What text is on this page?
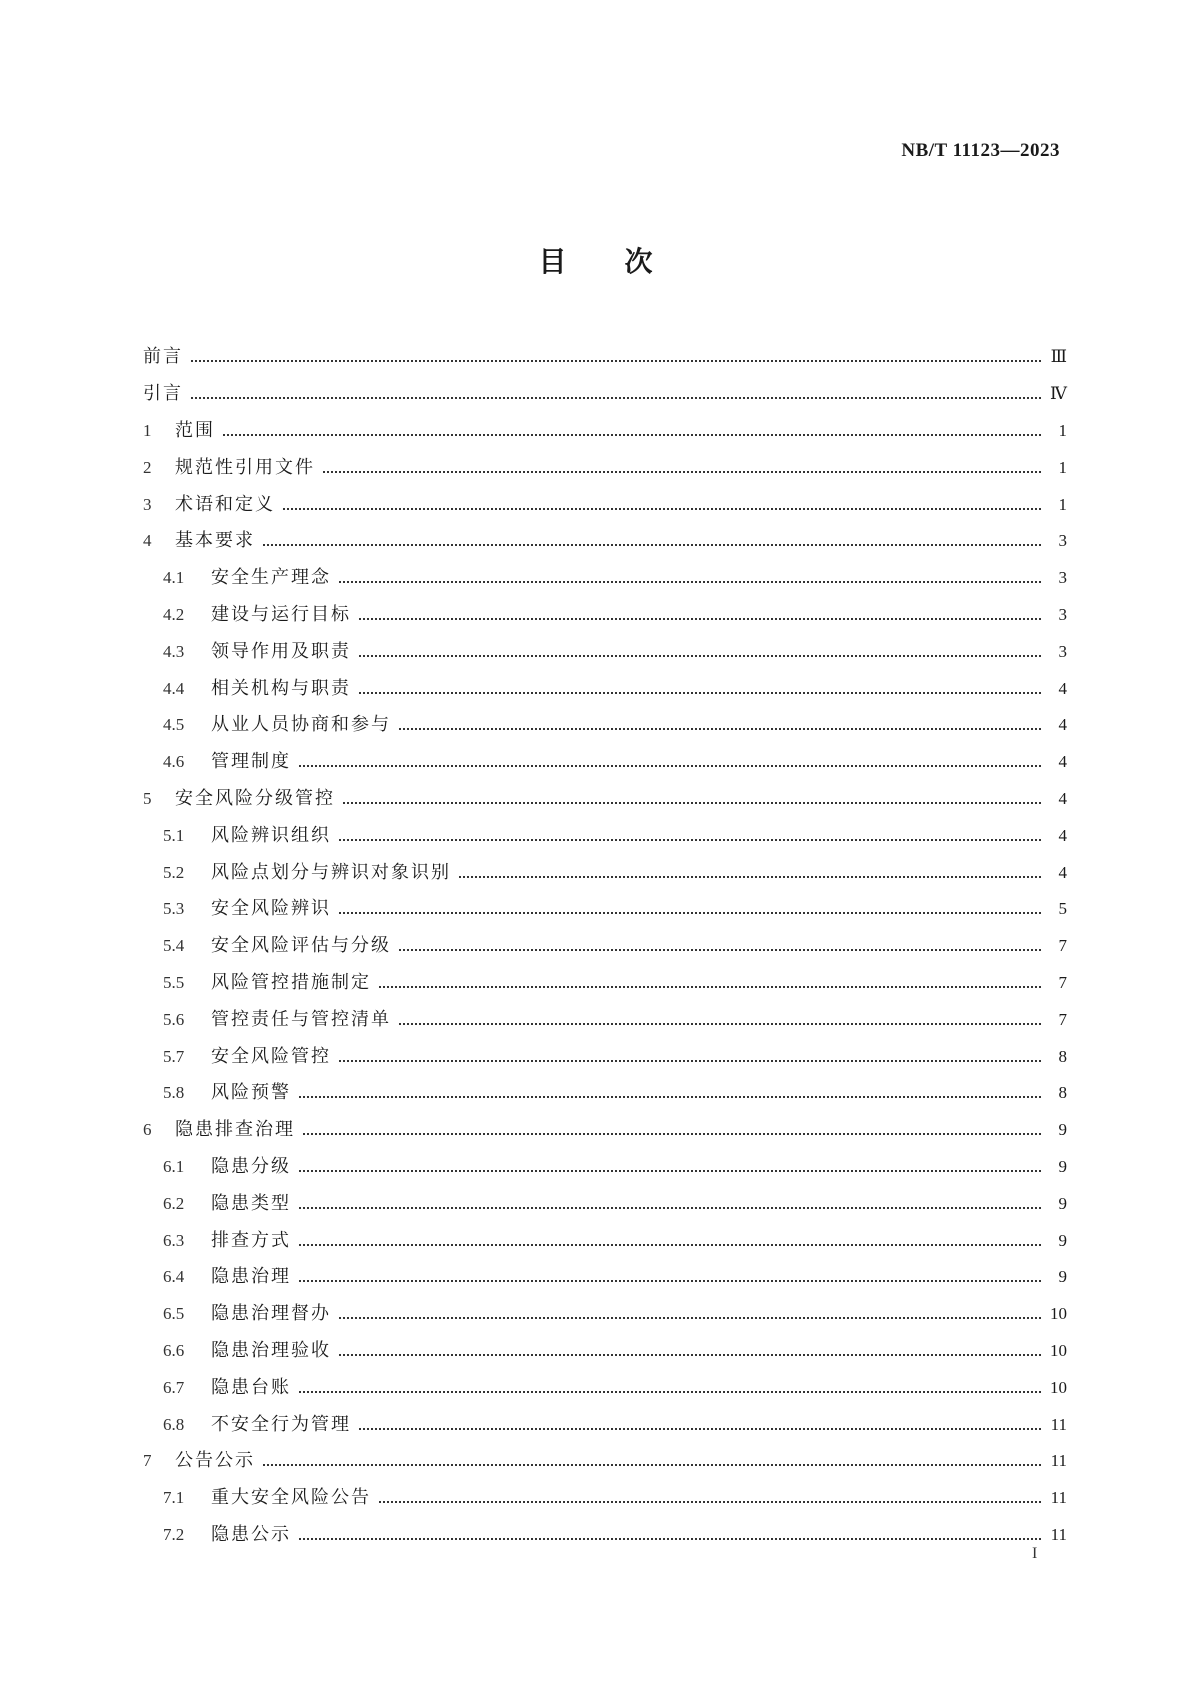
NB/T 11123—2023
目 次
前言	Ⅲ
引言	Ⅳ
1	范围	1
2	规范性引用文件	1
3	术语和定义	1
4	基本要求	3
4.1	安全生产理念	3
4.2	建设与运行目标	3
4.3	领导作用及职责	3
4.4	相关机构与职责	4
4.5	从业人员协商和参与	4
4.6	管理制度	4
5	安全风险分级管控	4
5.1	风险辨识组织	4
5.2	风险点划分与辨识对象识别	4
5.3	安全风险辨识	5
5.4	安全风险评估与分级	7
5.5	风险管控措施制定	7
5.6	管控责任与管控清单	7
5.7	安全风险管控	8
5.8	风险预警	8
6	隐患排查治理	9
6.1	隐患分级	9
6.2	隐患类型	9
6.3	排查方式	9
6.4	隐患治理	9
6.5	隐患治理督办	10
6.6	隐患治理验收	10
6.7	隐患台账	10
6.8	不安全行为管理	11
7	公告公示	11
7.1	重大安全风险公告	11
7.2	隐患公示	11
I
